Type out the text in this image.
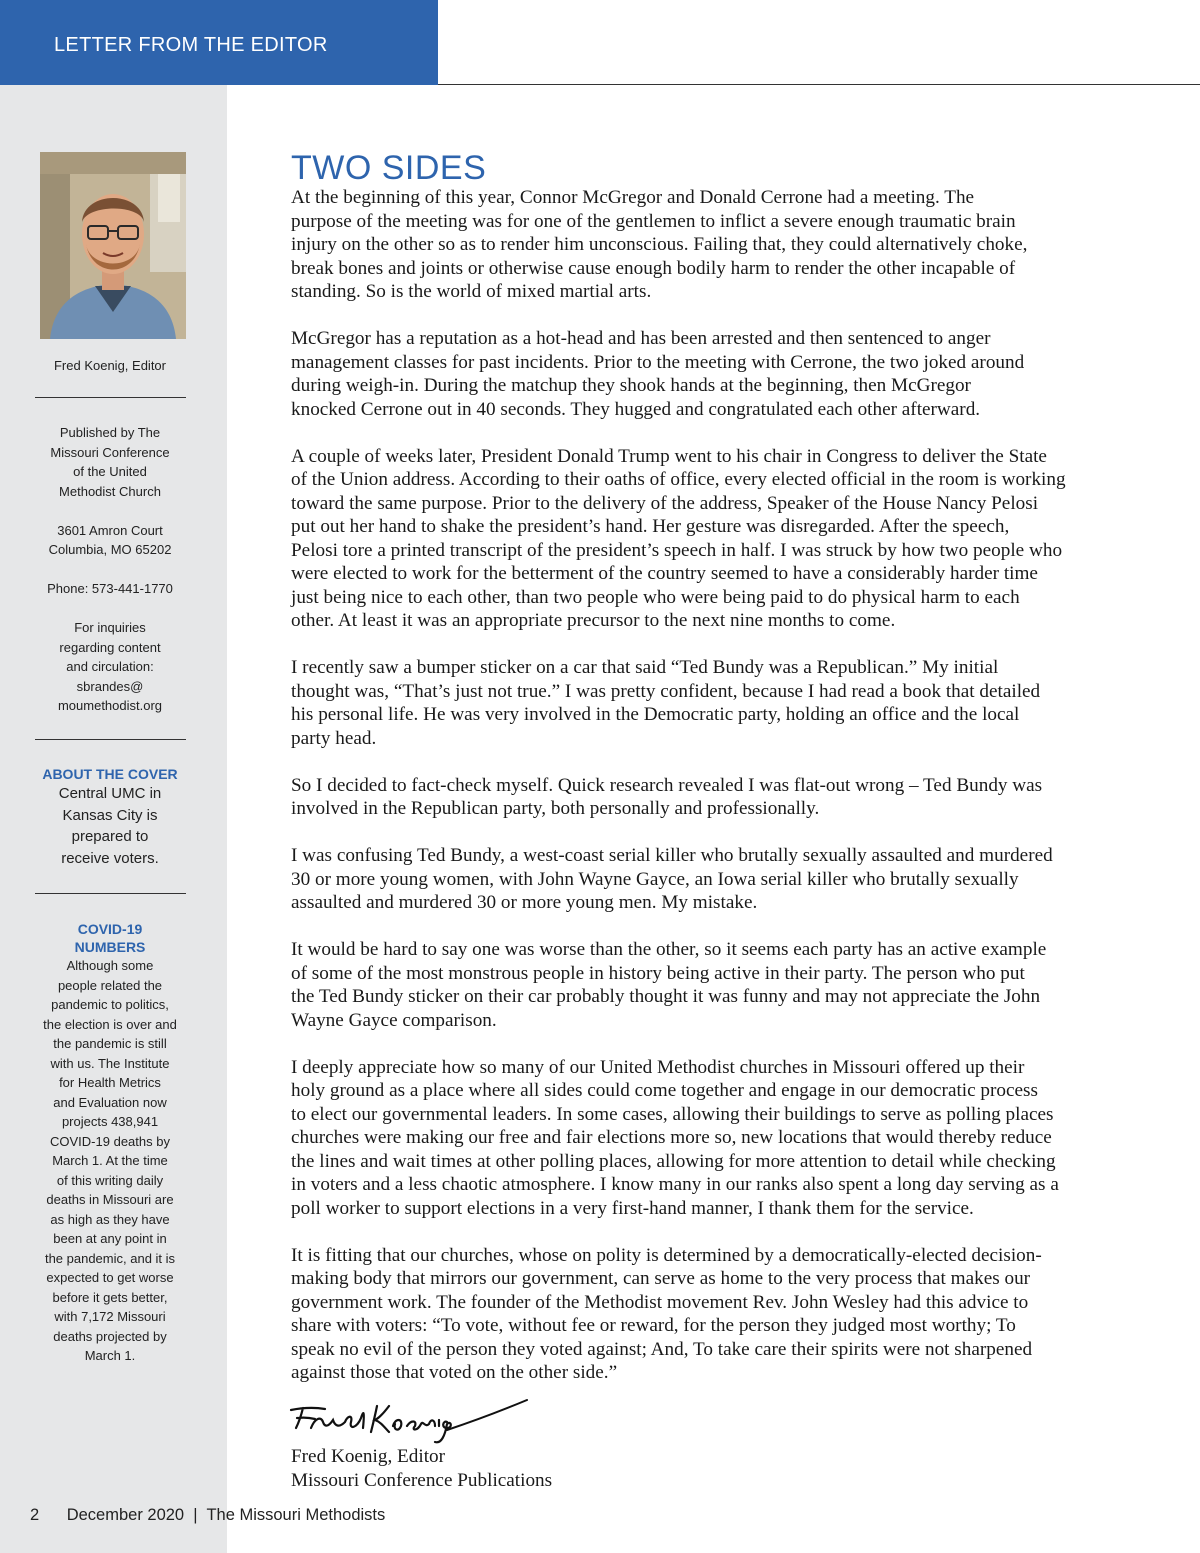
LETTER FROM THE EDITOR
Fred Koenig, Editor

Published by The

Missouri Conference

of the United

Methodist Church

3601 Amron Court

Columbia, MO 65202

Phone: 573-441-1770

For inquiries

regarding content

and circulation:

sbrandes@

moumethodist.org

ABOUT THE COVER

Central UMC in

Kansas City is

prepared to

receive voters.

COVID-19

NUMBERS

Although some

people related the

pandemic to politics,

the election is over and

the pandemic is still

with us. The Institute

for Health Metrics

and Evaluation now

projects 438,941

COVID-19 deaths by

March 1. At the time

of this writing daily

deaths in Missouri are

as high as they have

been at any point in

the pandemic, and it is

expected to get worse

before it gets better,

with 7,172 Missouri

deaths projected by

March 1.

TWO SIDES

At the beginning of this year, Connor McGregor and Donald Cerrone had a meeting. The
purpose of the meeting was for one of the gentlemen to inflict a severe enough traumatic brain
injury on the other so as to render him unconscious. Failing that, they could alternatively choke,
break bones and joints or otherwise cause enough bodily harm to render the other incapable of
standing. So is the world of mixed martial arts.

McGregor has a reputation as a hot-head and has been arrested and then sentenced to anger
management classes for past incidents. Prior to the meeting with Cerrone, the two joked around
during weigh-in. During the matchup they shook hands at the beginning, then McGregor
knocked Cerrone out in 40 seconds. They hugged and congratulated each other afterward.

A couple of weeks later, President Donald Trump went to his chair in Congress to deliver the State
of the Union address. According to their oaths of office, every elected official in the room is working
toward the same purpose. Prior to the delivery of the address, Speaker of the House Nancy Pelosi
put out her hand to shake the president’s hand. Her gesture was disregarded. After the speech,
Pelosi tore a printed transcript of the president’s speech in half. I was struck by how two people who
were elected to work for the betterment of the country seemed to have a considerably harder time
just being nice to each other, than two people who were being paid to do physical harm to each
other. At least it was an appropriate precursor to the next nine months to come.

I recently saw a bumper sticker on a car that said “Ted Bundy was a Republican.” My initial
thought was, “That’s just not true.” I was pretty confident, because I had read a book that detailed
his personal life. He was very involved in the Democratic party, holding an office and the local
party head.

So I decided to fact-check myself. Quick research revealed I was flat-out wrong – Ted Bundy was
involved in the Republican party, both personally and professionally.

I was confusing Ted Bundy, a west-coast serial killer who brutally sexually assaulted and murdered
30 or more young women, with John Wayne Gayce, an Iowa serial killer who brutally sexually
assaulted and murdered 30 or more young men. My mistake.

It would be hard to say one was worse than the other, so it seems each party has an active example
of some of the most monstrous people in history being active in their party. The person who put
the Ted Bundy sticker on their car probably thought it was funny and may not appreciate the John
Wayne Gayce comparison.

I deeply appreciate how so many of our United Methodist churches in Missouri offered up their
holy ground as a place where all sides could come together and engage in our democratic process
to elect our governmental leaders. In some cases, allowing their buildings to serve as polling places
churches were making our free and fair elections more so, new locations that would thereby reduce
the lines and wait times at other polling places, allowing for more attention to detail while checking
in voters and a less chaotic atmosphere. I know many in our ranks also spent a long day serving as a
poll worker to support elections in a very first-hand manner, I thank them for the service.

It is fitting that our churches, whose on polity is determined by a democratically-elected decision-
making body that mirrors our government, can serve as home to the very process that makes our
government work. The founder of the Methodist movement Rev. John Wesley had this advice to
share with voters: “To vote, without fee or reward, for the person they judged most worthy; To
speak no evil of the person they voted against; And, To take care their spirits were not sharpened
against those that voted on the other side.”

Fred Koenig, Editor
Missouri Conference Publications
2 December 2020 | The Missouri Methodists
